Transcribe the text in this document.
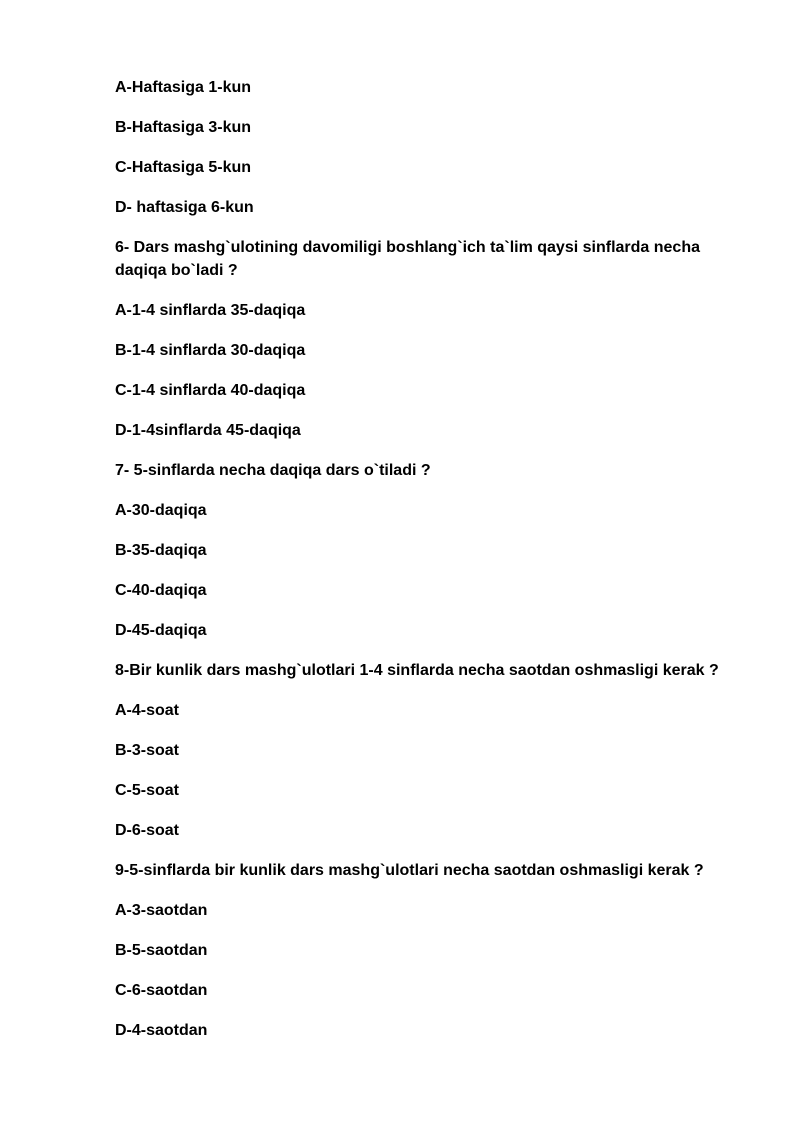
A-Haftasiga 1-kun
B-Haftasiga 3-kun
C-Haftasiga 5-kun
D- haftasiga 6-kun
6- Dars mashg`ulotining davomiligi boshlang`ich ta`lim qaysi sinflarda necha daqiqa bo`ladi ?
A-1-4 sinflarda 35-daqiqa
B-1-4 sinflarda 30-daqiqa
C-1-4 sinflarda 40-daqiqa
D-1-4sinflarda 45-daqiqa
7- 5-sinflarda necha daqiqa dars o`tiladi ?
A-30-daqiqa
B-35-daqiqa
C-40-daqiqa
D-45-daqiqa
8-Bir kunlik dars mashg`ulotlari 1-4 sinflarda necha saotdan oshmasligi kerak ?
A-4-soat
B-3-soat
C-5-soat
D-6-soat
9-5-sinflarda bir kunlik dars mashg`ulotlari necha saotdan oshmasligi kerak ?
A-3-saotdan
B-5-saotdan
C-6-saotdan
D-4-saotdan
